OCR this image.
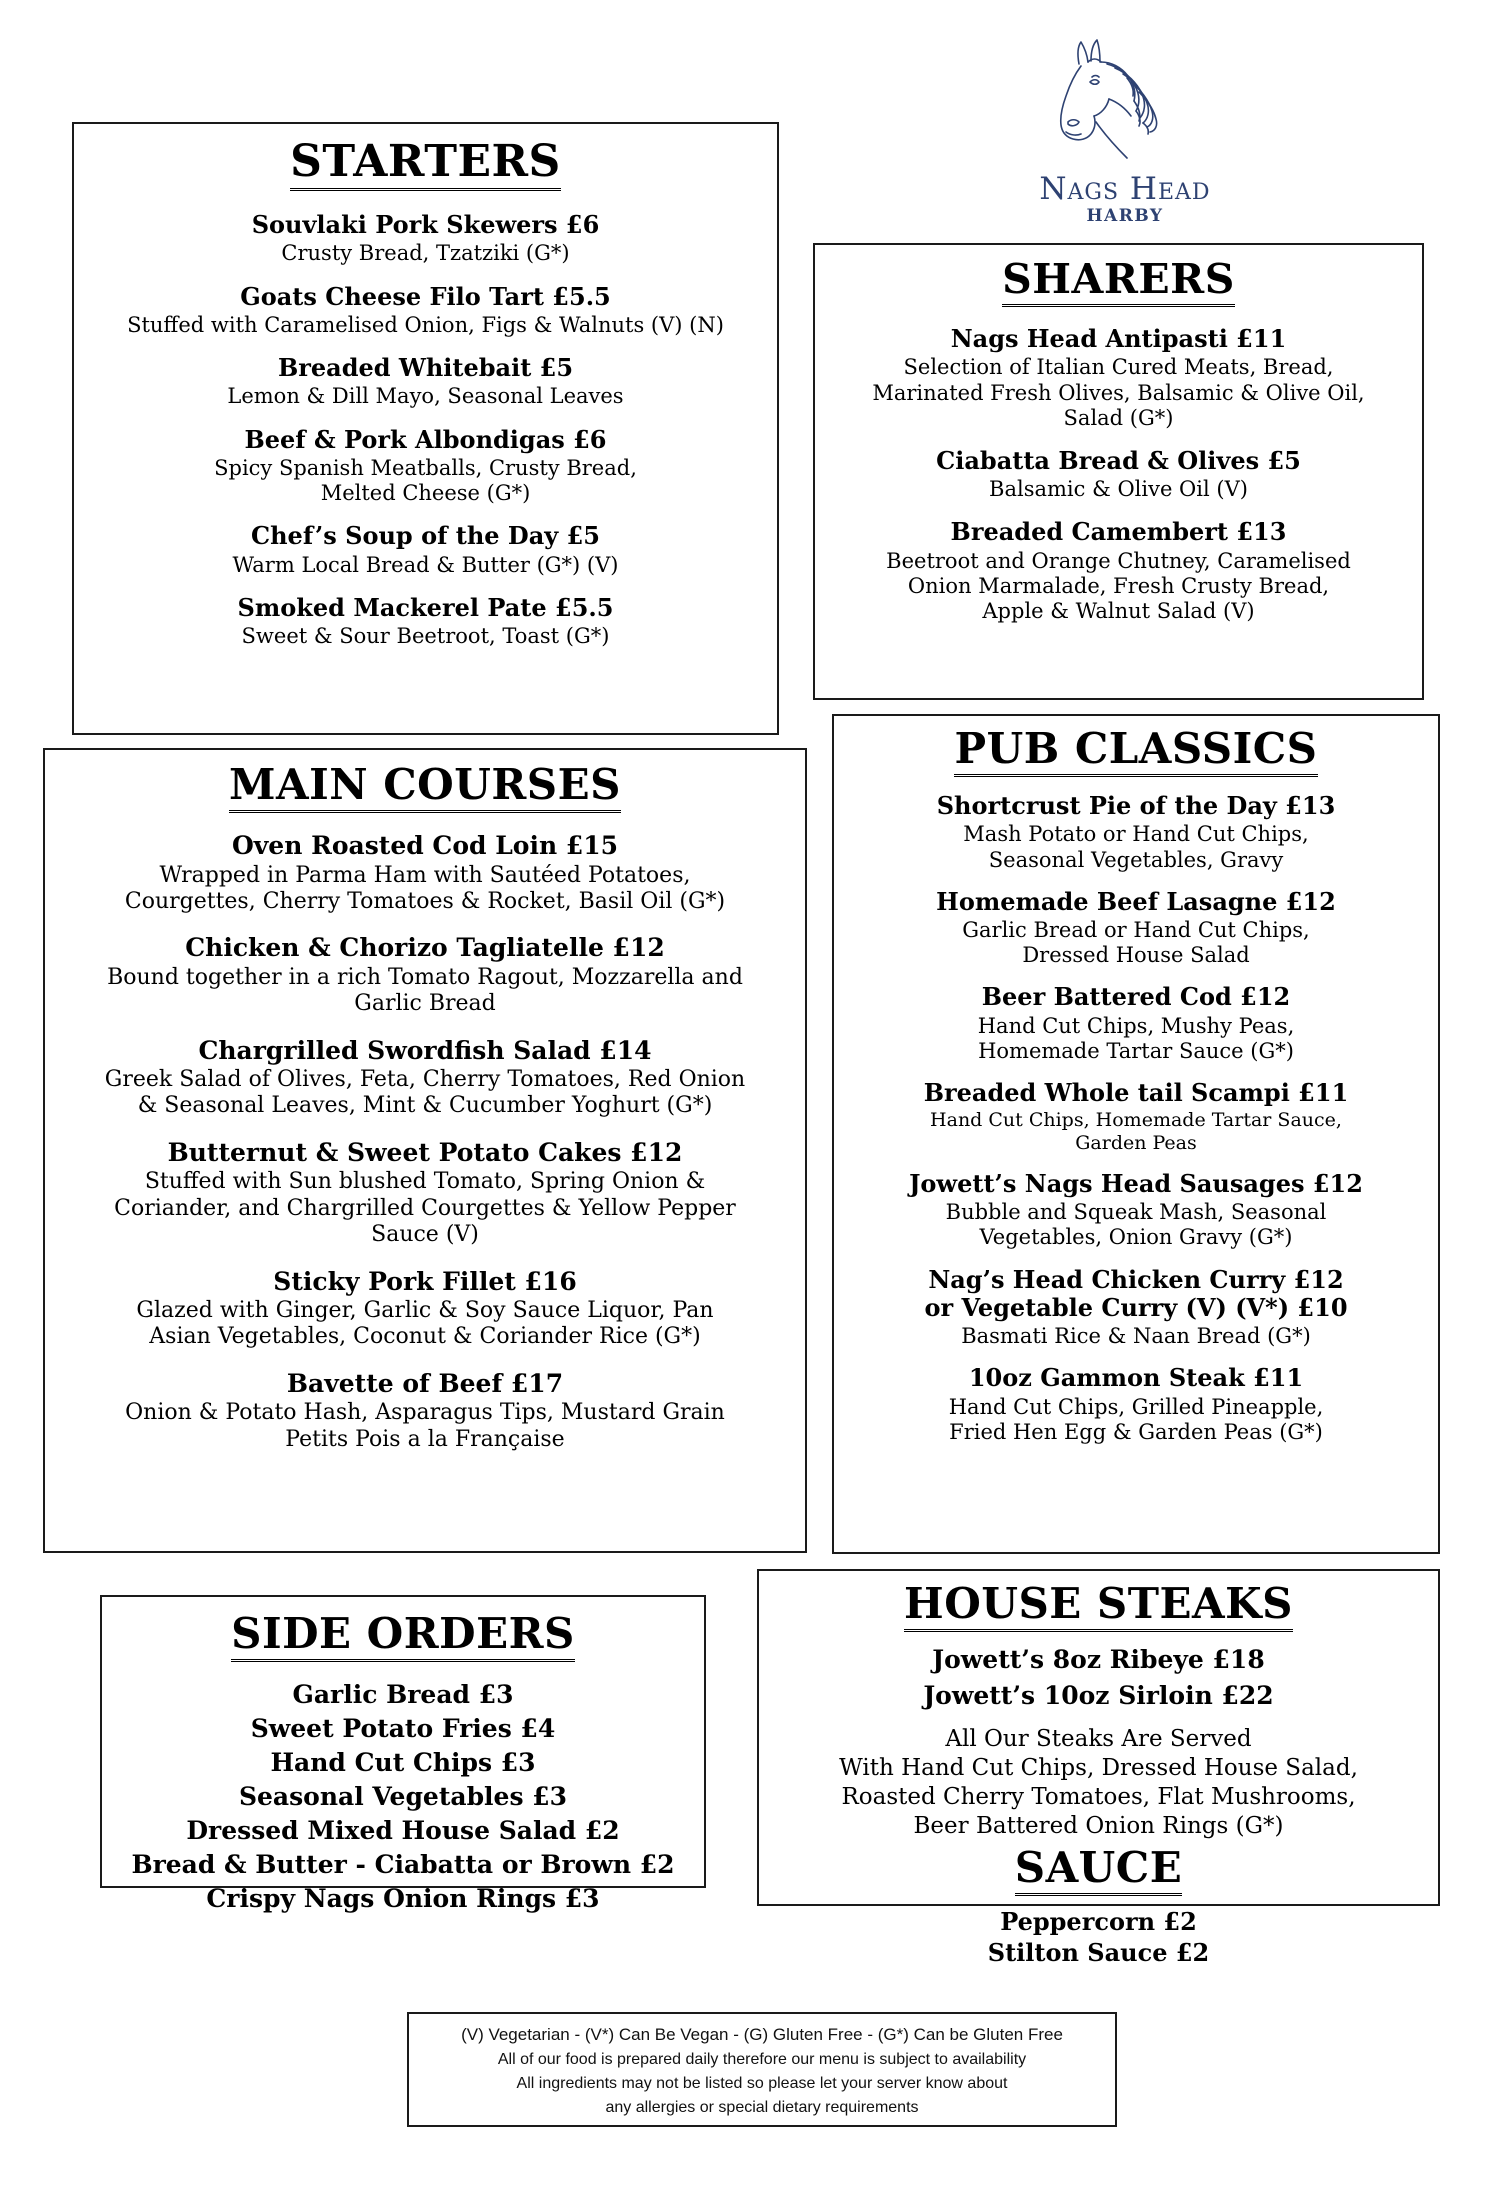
Nags Head
HARBY
STARTERS

Souvlaki Pork Skewers £6

Crusty Bread, Tzatziki (G*)

Goats Cheese Filo Tart £5.5

Stuffed with Caramelised Onion, Figs & Walnuts (V) (N)

Breaded Whitebait £5

Lemon & Dill Mayo, Seasonal Leaves

Beef & Pork Albondigas £6

Spicy Spanish Meatballs, Crusty Bread,
Melted Cheese (G*)

Chef’s Soup of the Day £5

Warm Local Bread & Butter (G*) (V)

Smoked Mackerel Pate £5.5

Sweet & Sour Beetroot, Toast (G*)

SHARERS

Nags Head Antipasti £11

Selection of Italian Cured Meats, Bread,
Marinated Fresh Olives, Balsamic & Olive Oil,
Salad (G*)

Ciabatta Bread & Olives £5

Balsamic & Olive Oil (V)

Breaded Camembert £13

Beetroot and Orange Chutney, Caramelised
Onion Marmalade, Fresh Crusty Bread,
Apple & Walnut Salad (V)

MAIN COURSES

Oven Roasted Cod Loin £15

Wrapped in Parma Ham with Sautéed Potatoes,
Courgettes, Cherry Tomatoes & Rocket, Basil Oil (G*)

Chicken & Chorizo Tagliatelle £12

Bound together in a rich Tomato Ragout, Mozzarella and
Garlic Bread

Chargrilled Swordfish Salad £14

Greek Salad of Olives, Feta, Cherry Tomatoes, Red Onion
& Seasonal Leaves, Mint & Cucumber Yoghurt (G*)

Butternut & Sweet Potato Cakes £12

Stuffed with Sun blushed Tomato, Spring Onion &
Coriander, and Chargrilled Courgettes & Yellow Pepper
Sauce (V)

Sticky Pork Fillet £16

Glazed with Ginger, Garlic & Soy Sauce Liquor, Pan
Asian Vegetables, Coconut & Coriander Rice (G*)

Bavette of Beef £17

Onion & Potato Hash, Asparagus Tips, Mustard Grain
Petits Pois a la Française

PUB CLASSICS

Shortcrust Pie of the Day £13

Mash Potato or Hand Cut Chips,
Seasonal Vegetables, Gravy

Homemade Beef Lasagne £12

Garlic Bread or Hand Cut Chips,
Dressed House Salad

Beer Battered Cod £12

Hand Cut Chips, Mushy Peas,
Homemade Tartar Sauce (G*)

Breaded Whole tail Scampi £11

Hand Cut Chips, Homemade Tartar Sauce,
Garden Peas

Jowett’s Nags Head Sausages £12

Bubble and Squeak Mash, Seasonal
Vegetables, Onion Gravy (G*)

Nag’s Head Chicken Curry £12
or Vegetable Curry (V) (V*) £10

Basmati Rice & Naan Bread (G*)

10oz Gammon Steak £11

Hand Cut Chips, Grilled Pineapple,
Fried Hen Egg & Garden Peas (G*)

SIDE ORDERS

Garlic Bread £3

Sweet Potato Fries £4

Hand Cut Chips £3

Seasonal Vegetables £3

Dressed Mixed House Salad £2

Bread & Butter - Ciabatta or Brown £2

Crispy Nags Onion Rings £3

HOUSE STEAKS

Jowett’s 8oz Ribeye £18

Jowett’s 10oz Sirloin £22

All Our Steaks Are Served
With Hand Cut Chips, Dressed House Salad,
Roasted Cherry Tomatoes, Flat Mushrooms,
Beer Battered Onion Rings (G*)

SAUCE

Peppercorn £2

Stilton Sauce £2

(V) Vegetarian - (V*) Can Be Vegan - (G) Gluten Free - (G*) Can be Gluten Free

All of our food is prepared daily therefore our menu is subject to availability

All ingredients may not be listed so please let your server know about

any allergies or special dietary requirements
